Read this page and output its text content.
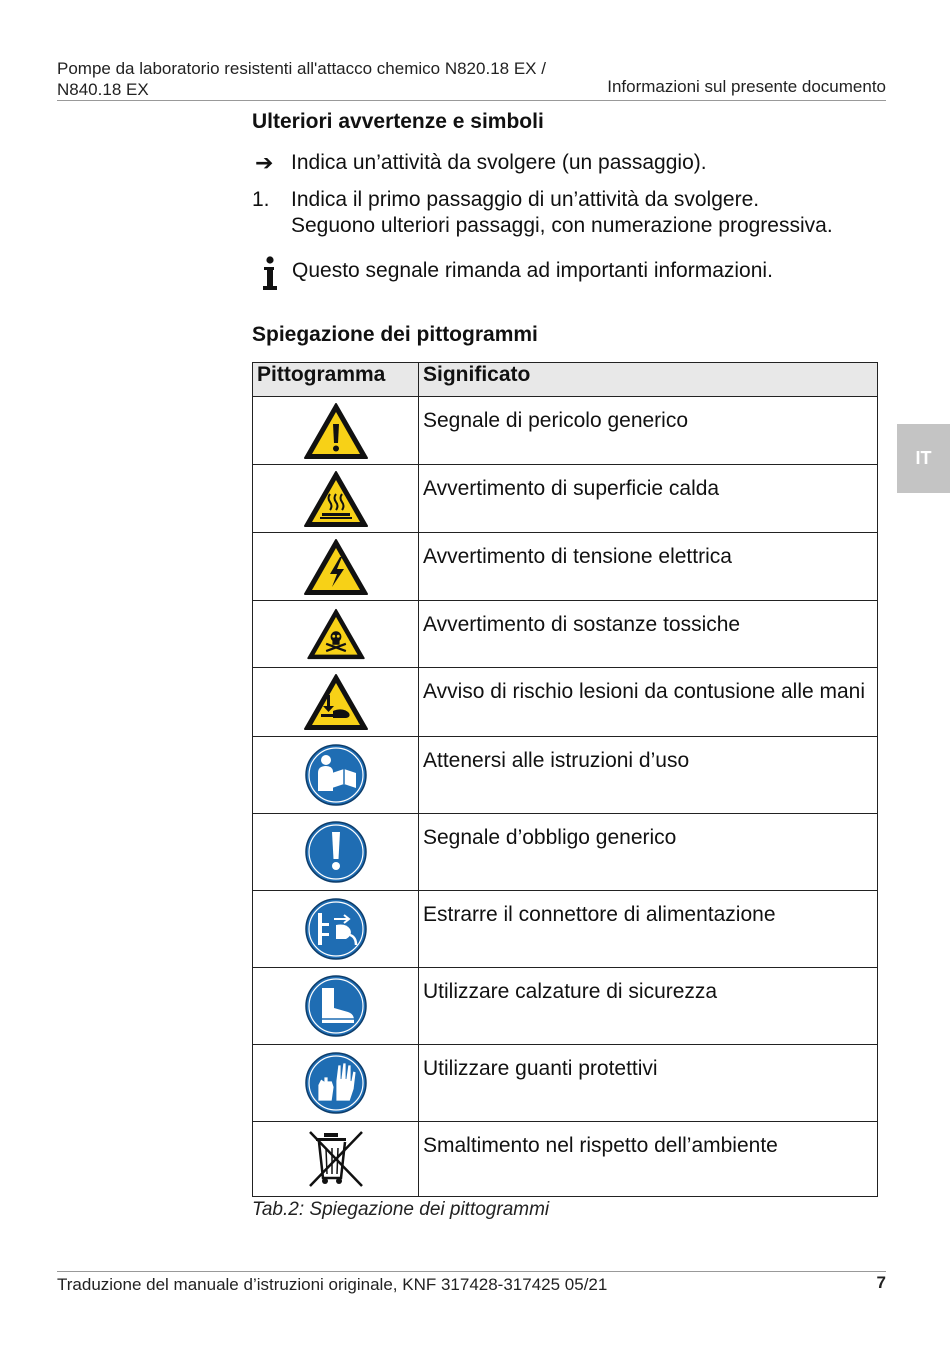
Pompe da laboratorio resistenti all'attacco chemico N820.18 EX /
N840.18 EX	Informazioni sul presente documento
IT
Ulteriori avvertenze e simboli
➔ Indica un’attività da svolgere (un passaggio).
1. Indica il primo passaggio di un’attività da svolgere.
Seguono ulteriori passaggi, con numerazione progressiva.
Questo segnale rimanda ad importanti informazioni.
Spiegazione dei pittogrammi
Pittogramma	Significato

	Segnale di pericolo generico

	Avvertimento di superficie calda

	Avvertimento di tensione elettrica

	Avvertimento di sostanze tossiche

	Avviso di rischio lesioni da contusione alle mani

	Attenersi alle istruzioni d’uso

	Segnale d’obbligo generico

	Estrarre il connettore di alimentazione

	Utilizzare calzature di sicurezza

	Utilizzare guanti protettivi

	Smaltimento nel rispetto dell’ambiente
Tab.2: Spiegazione dei pittogrammi
Traduzione del manuale d’istruzioni originale, KNF 317428-317425 05/21	7
